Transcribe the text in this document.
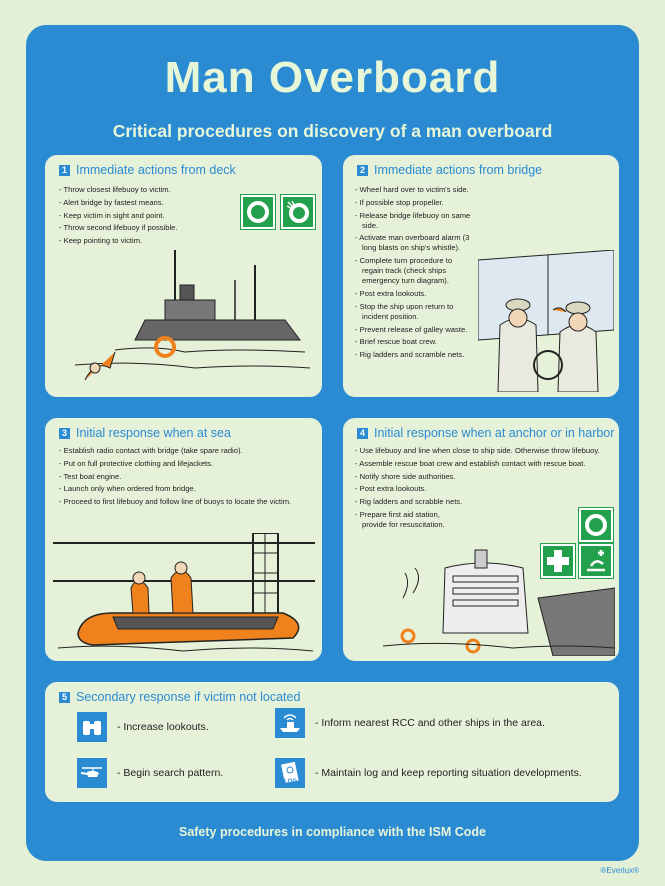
Man Overboard
Critical procedures on discovery of a man overboard
1 Immediate actions from deck
- Throw closest lifebuoy to victim.
- Alert bridge by fastest means.
- Keep victim in sight and point.
- Throw second lifebuoy if possible.
- Keep pointing to victim.
2 Immediate actions from bridge
- Wheel hard over to victim's side.
- If possible stop propeller.
- Release bridge lifebuoy on same side.
- Activate man overboard alarm (3 long blasts on ship's whistle).
- Complete turn procedure to regain track (check ships emergency turn diagram).
- Post extra lookouts.
- Stop the ship upon return to incident position.
- Prevent release of galley waste.
- Brief rescue boat crew.
- Rig ladders and scramble nets.
3 Initial response when at sea
- Establish radio contact with bridge (take spare radio).
- Put on full protective clothing and lifejackets.
- Test boat engine.
- Launch only when ordered from bridge.
- Proceed to first lifebuoy and follow line of buoys to locate the victim.
4 Initial response when at anchor or in harbor
- Use lifebuoy and line when close to ship side. Otherwise throw lifebuoy.
- Assemble rescue boat crew and establish contact with rescue boat.
- Notify shore side authorities.
- Post extra lookouts.
- Rig ladders and scrabble nets.
- Prepare first aid station, provide for resuscitation.
5 Secondary response if victim not located
- Increase lookouts.	- Inform nearest RCC and other ships in the area.
- Begin search pattern.
LOG
- Maintain log and keep reporting situation developments.
Safety procedures in compliance with the ISM Code
®Everlux®
